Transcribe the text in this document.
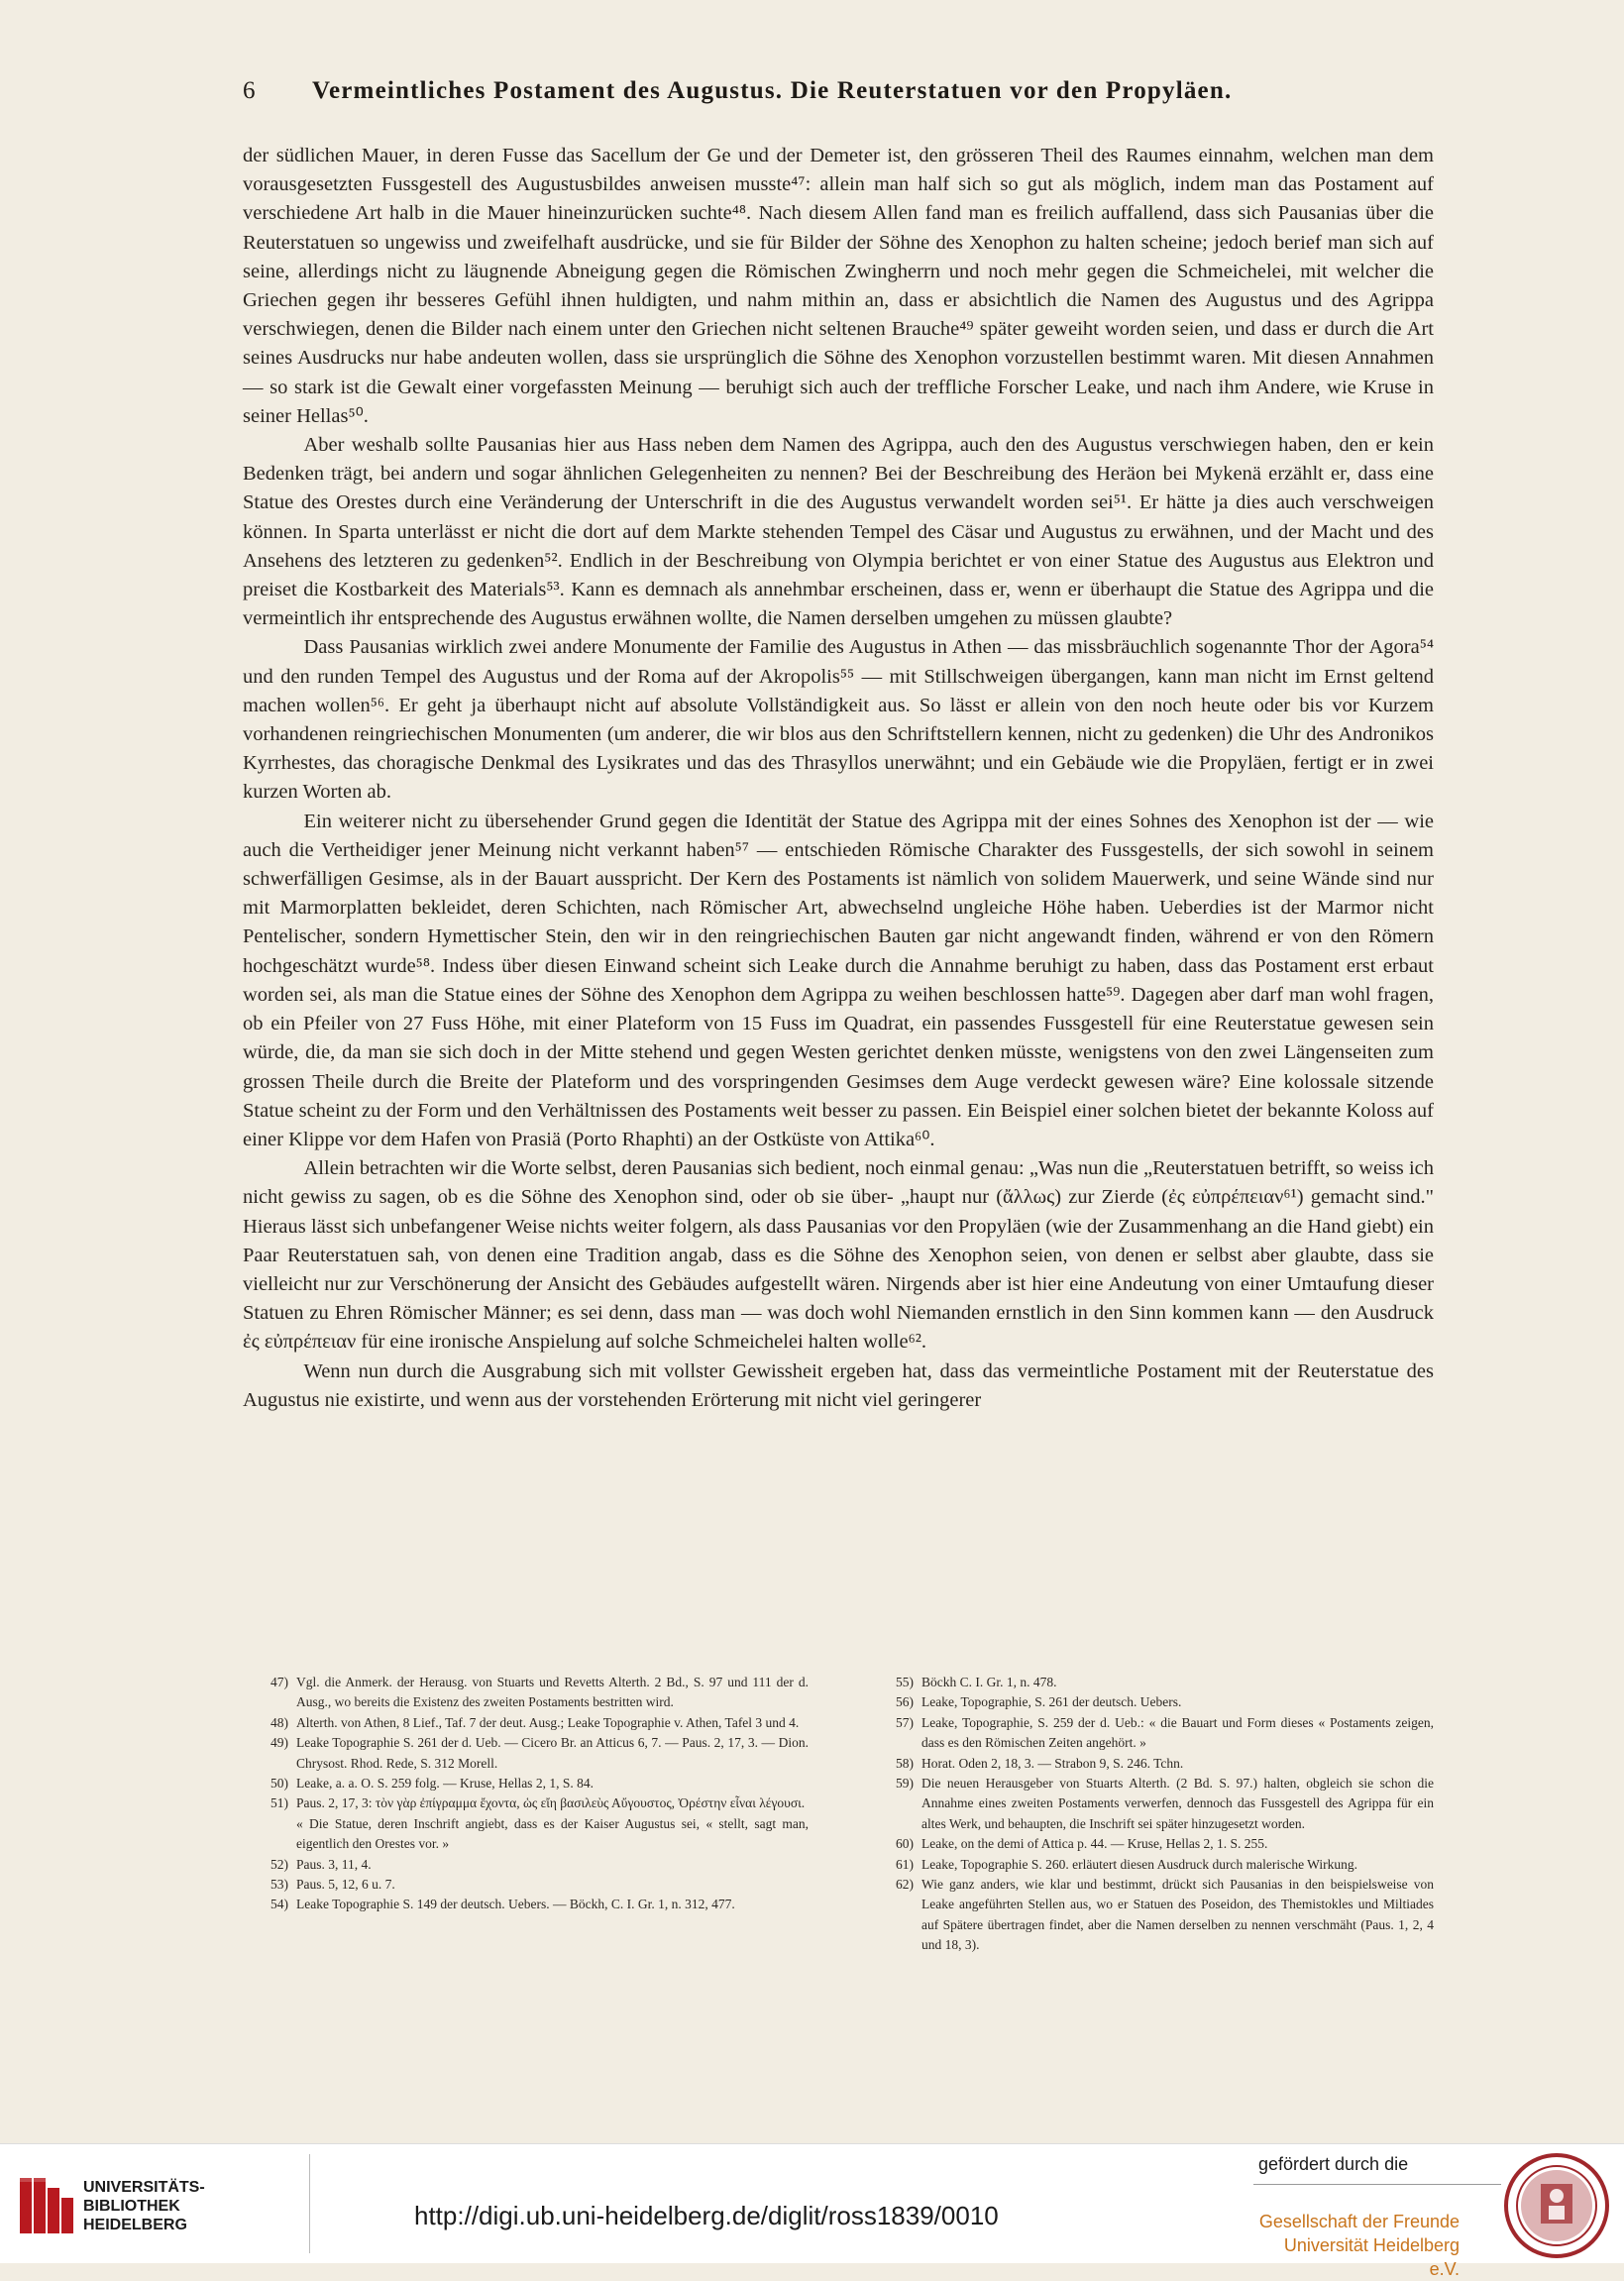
6 Vermeintliches Postament des Augustus. Die Reuterstatuen vor den Propyläen.

der südlichen Mauer, in deren Fusse das Sacellum der Ge und der Demeter ist, den grösseren Theil des Raumes einnahm, welchen man dem vorausgesetzten Fussgestell des Augustusbildes anweisen musste⁴⁷: allein man half sich so gut als möglich, indem man das Postament auf verschiedene Art halb in die Mauer hineinzurücken suchte⁴⁸. Nach diesem Allen fand man es freilich auffallend, dass sich Pausanias über die Reuterstatuen so ungewiss und zweifelhaft ausdrücke, und sie für Bilder der Söhne des Xenophon zu halten scheine; jedoch berief man sich auf seine, allerdings nicht zu läugnende Abneigung gegen die Römischen Zwingherrn und noch mehr gegen die Schmeichelei, mit welcher die Griechen gegen ihr besseres Gefühl ihnen huldigten, und nahm mithin an, dass er absichtlich die Namen des Augustus und des Agrippa verschwiegen, denen die Bilder nach einem unter den Griechen nicht seltenen Brauche⁴⁹ später geweiht worden seien, und dass er durch die Art seines Ausdrucks nur habe andeuten wollen, dass sie ursprünglich die Söhne des Xenophon vorzustellen bestimmt waren. Mit diesen Annahmen — so stark ist die Gewalt einer vorgefassten Meinung — beruhigt sich auch der treffliche Forscher Leake, und nach ihm Andere, wie Kruse in seiner Hellas⁵⁰.

Aber weshalb sollte Pausanias hier aus Hass neben dem Namen des Agrippa, auch den des Augustus verschwiegen haben, den er kein Bedenken trägt, bei andern und sogar ähnlichen Gelegenheiten zu nennen? Bei der Beschreibung des Heräon bei Mykenä erzählt er, dass eine Statue des Orestes durch eine Veränderung der Unterschrift in die des Augustus verwandelt worden sei⁵¹. Er hätte ja dies auch verschweigen können. In Sparta unterlässt er nicht die dort auf dem Markte stehenden Tempel des Cäsar und Augustus zu erwähnen, und der Macht und des Ansehens des letzteren zu gedenken⁵². Endlich in der Beschreibung von Olympia berichtet er von einer Statue des Augustus aus Elektron und preiset die Kostbarkeit des Materials⁵³. Kann es demnach als annehmbar erscheinen, dass er, wenn er überhaupt die Statue des Agrippa und die vermeintlich ihr entsprechende des Augustus erwähnen wollte, die Namen derselben umgehen zu müssen glaubte?

Dass Pausanias wirklich zwei andere Monumente der Familie des Augustus in Athen — das missbräuchlich sogenannte Thor der Agora⁵⁴ und den runden Tempel des Augustus und der Roma auf der Akropolis⁵⁵ — mit Stillschweigen übergangen, kann man nicht im Ernst geltend machen wollen⁵⁶. Er geht ja überhaupt nicht auf absolute Vollständigkeit aus. So lässt er allein von den noch heute oder bis vor Kurzem vorhandenen reingriechischen Monumenten (um anderer, die wir blos aus den Schriftstellern kennen, nicht zu gedenken) die Uhr des Andronikos Kyrrhestes, das choragische Denkmal des Lysikrates und das des Thrasyllos unerwähnt; und ein Gebäude wie die Propyläen, fertigt er in zwei kurzen Worten ab.

Ein weiterer nicht zu übersehender Grund gegen die Identität der Statue des Agrippa mit der eines Sohnes des Xenophon ist der — wie auch die Vertheidiger jener Meinung nicht verkannt haben⁵⁷ — entschieden Römische Charakter des Fussgestells, der sich sowohl in seinem schwerfälligen Gesimse, als in der Bauart ausspricht. Der Kern des Postaments ist nämlich von solidem Mauerwerk, und seine Wände sind nur mit Marmorplatten bekleidet, deren Schichten, nach Römischer Art, abwechselnd ungleiche Höhe haben. Ueberdies ist der Marmor nicht Pentelischer, sondern Hymettischer Stein, den wir in den reingriechischen Bauten gar nicht angewandt finden, während er von den Römern hochgeschätzt wurde⁵⁸. Indess über diesen Einwand scheint sich Leake durch die Annahme beruhigt zu haben, dass das Postament erst erbaut worden sei, als man die Statue eines der Söhne des Xenophon dem Agrippa zu weihen beschlossen hatte⁵⁹. Dagegen aber darf man wohl fragen, ob ein Pfeiler von 27 Fuss Höhe, mit einer Plateform von 15 Fuss im Quadrat, ein passendes Fussgestell für eine Reuterstatue gewesen sein würde, die, da man sie sich doch in der Mitte stehend und gegen Westen gerichtet denken müsste, wenigstens von den zwei Längenseiten zum grossen Theile durch die Breite der Plateform und des vorspringenden Gesimses dem Auge verdeckt gewesen wäre? Eine kolossale sitzende Statue scheint zu der Form und den Verhältnissen des Postaments weit besser zu passen. Ein Beispiel einer solchen bietet der bekannte Koloss auf einer Klippe vor dem Hafen von Prasiä (Porto Rhaphti) an der Ostküste von Attika⁶⁰.

Allein betrachten wir die Worte selbst, deren Pausanias sich bedient, noch einmal genau: „Was nun die „Reuterstatuen betrifft, so weiss ich nicht gewiss zu sagen, ob es die Söhne des Xenophon sind, oder ob sie über- „haupt nur (ἄλλως) zur Zierde (ἐς εὐπρέπειαν⁶¹) gemacht sind." Hieraus lässt sich unbefangener Weise nichts weiter folgern, als dass Pausanias vor den Propyläen (wie der Zusammenhang an die Hand giebt) ein Paar Reuterstatuen sah, von denen eine Tradition angab, dass es die Söhne des Xenophon seien, von denen er selbst aber glaubte, dass sie vielleicht nur zur Verschönerung der Ansicht des Gebäudes aufgestellt wären. Nirgends aber ist hier eine Andeutung von einer Umtaufung dieser Statuen zu Ehren Römischer Männer; es sei denn, dass man — was doch wohl Niemanden ernstlich in den Sinn kommen kann — den Ausdruck ἐς εὐπρέπειαν für eine ironische Anspielung auf solche Schmeichelei halten wolle⁶².

Wenn nun durch die Ausgrabung sich mit vollster Gewissheit ergeben hat, dass das vermeintliche Postament mit der Reuterstatue des Augustus nie existirte, und wenn aus der vorstehenden Erörterung mit nicht viel geringerer

47) Vgl. die Anmerk. der Herausg. von Stuarts und Revetts Alterth. 2 Bd., S. 97 und 111 der d. Ausg., wo bereits die Existenz des zweiten Postaments bestritten wird.
48) Alterth. von Athen, 8 Lief., Taf. 7 der deut. Ausg.; Leake Topographie v. Athen, Tafel 3 und 4.
49) Leake Topographie S. 261 der d. Ueb. — Cicero Br. an Atticus 6, 7. — Paus. 2, 17, 3. — Dion. Chrysost. Rhod. Rede, S. 312 Morell.
50) Leake, a. a. O. S. 259 folg. — Kruse, Hellas 2, 1, S. 84.
51) Paus. 2, 17, 3: τὸν γὰρ ἐπίγραμμα ἔχοντα, ὡς εἴη βασιλεὺς Αὔγουστος, Ὀρέστην εἶναι λέγουσι.
« Die Statue, deren Inschrift angiebt, dass es der Kaiser Augustus sei, « stellt, sagt man, eigentlich den Orestes vor. »
52) Paus. 3, 11, 4.
53) Paus. 5, 12, 6 u. 7.
54) Leake Topographie S. 149 der deutsch. Uebers. — Böckh, C. I. Gr. 1, n. 312, 477.
55) Böckh C. I. Gr. 1, n. 478.
56) Leake, Topographie, S. 261 der deutsch. Uebers.
57) Leake, Topographie, S. 259 der d. Ueb.: « die Bauart und Form dieses « Postaments zeigen, dass es den Römischen Zeiten angehört. »
58) Horat. Oden 2, 18, 3. — Strabon 9, S. 246. Tchn.
59) Die neuen Herausgeber von Stuarts Alterth. (2 Bd. S. 97.) halten, obgleich sie schon die Annahme eines zweiten Postaments verwerfen, dennoch das Fussgestell des Agrippa für ein altes Werk, und behaupten, die Inschrift sei später hinzugesetzt worden.
60) Leake, on the demi of Attica p. 44. — Kruse, Hellas 2, 1. S. 255.
61) Leake, Topographie S. 260. erläutert diesen Ausdruck durch malerische Wirkung.
62) Wie ganz anders, wie klar und bestimmt, drückt sich Pausanias in den beispielsweise von Leake angeführten Stellen aus, wo er Statuen des Poseidon, des Themistokles und Miltiades auf Spätere übertragen findet, aber die Namen derselben zu nennen verschmäht (Paus. 1, 2, 4 und 18, 3).
UNIVERSITÄTS-
BIBLIOTHEK
HEIDELBERG	http://digi.ub.uni-heidelberg.de/diglit/ross1839/0010
gefördert durch die
Gesellschaft der Freunde
Universität Heidelberg e.V.
